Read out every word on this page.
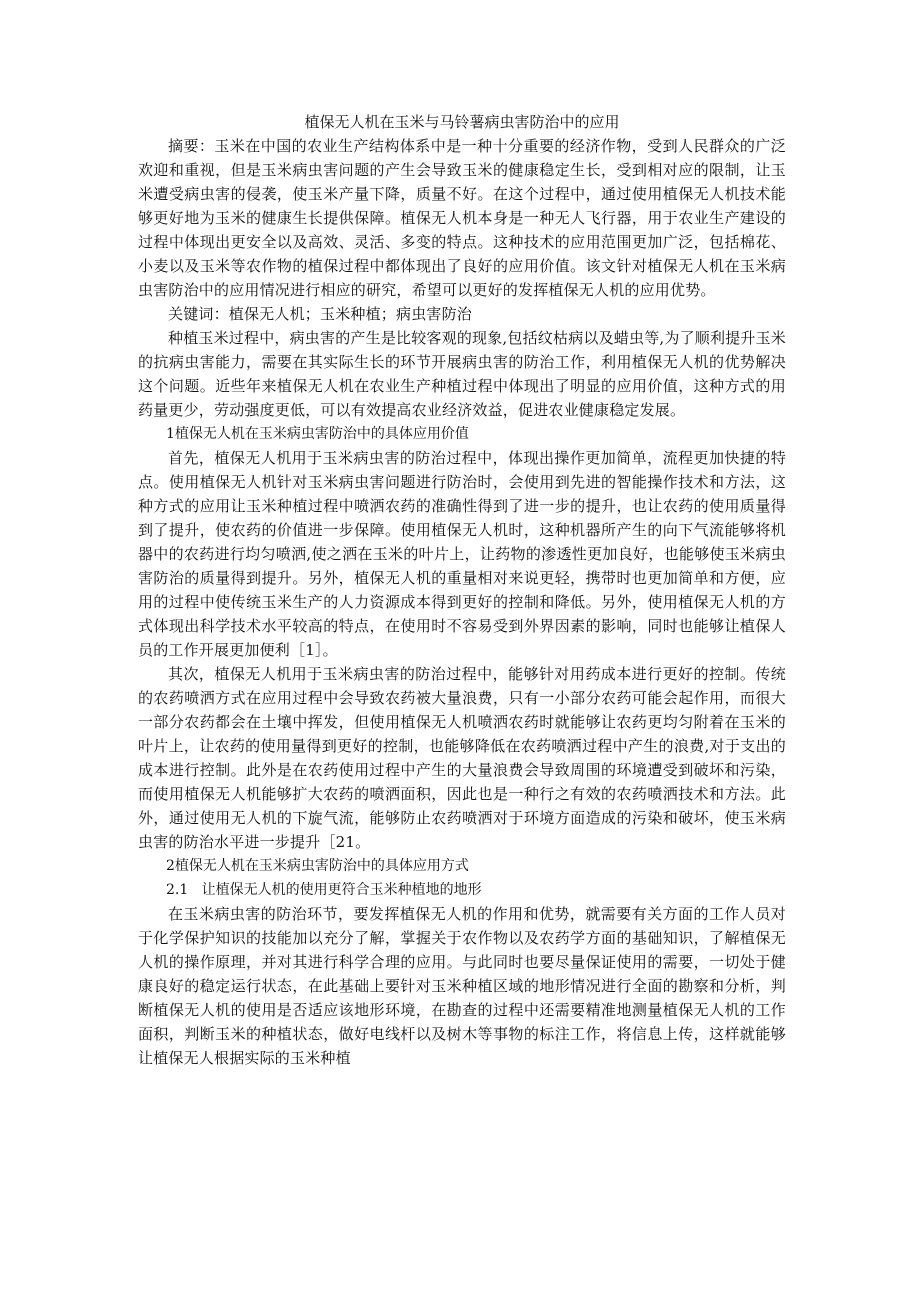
植保无人机在玉米与马铃薯病虫害防治中的应用

摘要：玉米在中国的农业生产结构体系中是一种十分重要的经济作物，受到人民群众的广泛欢迎和重视，但是玉米病虫害问题的产生会导致玉米的健康稳定生长，受到相对应的限制，让玉米遭受病虫害的侵袭，使玉米产量下降，质量不好。在这个过程中，通过使用植保无人机技术能够更好地为玉米的健康生长提供保障。植保无人机本身是一种无人飞行器，用于农业生产建设的过程中体现出更安全以及高效、灵活、多变的特点。这种技术的应用范围更加广泛，包括棉花、小麦以及玉米等农作物的植保过程中都体现出了良好的应用价值。该文针对植保无人机在玉米病虫害防治中的应用情况进行相应的研究，希望可以更好的发挥植保无人机的应用优势。

关键词：植保无人机；玉米种植；病虫害防治

种植玉米过程中，病虫害的产生是比较客观的现象,包括纹枯病以及蜡虫等,为了顺利提升玉米的抗病虫害能力，需要在其实际生长的环节开展病虫害的防治工作，利用植保无人机的优势解决这个问题。近些年来植保无人机在农业生产种植过程中体现出了明显的应用价值，这种方式的用药量更少，劳动强度更低，可以有效提高农业经济效益，促进农业健康稳定发展。

1植保无人机在玉米病虫害防治中的具体应用价值

首先，植保无人机用于玉米病虫害的防治过程中，体现出操作更加简单，流程更加快捷的特点。使用植保无人机针对玉米病虫害问题进行防治时，会使用到先进的智能操作技术和方法，这种方式的应用让玉米种植过程中喷洒农药的准确性得到了进一步的提升，也让农药的使用质量得到了提升，使农药的价值进一步保障。使用植保无人机时，这种机器所产生的向下气流能够将机器中的农药进行均匀喷洒,使之洒在玉米的叶片上，让药物的渗透性更加良好，也能够使玉米病虫害防治的质量得到提升。另外，植保无人机的重量相对来说更轻，携带时也更加简单和方便，应用的过程中使传统玉米生产的人力资源成本得到更好的控制和降低。另外，使用植保无人机的方式体现出科学技术水平较高的特点，在使用时不容易受到外界因素的影响，同时也能够让植保人员的工作开展更加便利［1］。

其次，植保无人机用于玉米病虫害的防治过程中，能够针对用药成本进行更好的控制。传统的农药喷洒方式在应用过程中会导致农药被大量浪费，只有一小部分农药可能会起作用，而很大一部分农药都会在土壤中挥发，但使用植保无人机喷洒农药时就能够让农药更均匀附着在玉米的叶片上，让农药的使用量得到更好的控制，也能够降低在农药喷洒过程中产生的浪费,对于支出的成本进行控制。此外是在农药使用过程中产生的大量浪费会导致周围的环境遭受到破坏和污染，而使用植保无人机能够扩大农药的喷洒面积，因此也是一种行之有效的农药喷洒技术和方法。此外，通过使用无人机的下旋气流，能够防止农药喷洒对于环境方面造成的污染和破坏，使玉米病虫害的防治水平进一步提升［21。

2植保无人机在玉米病虫害防治中的具体应用方式

2.1   让植保无人机的使用更符合玉米种植地的地形

在玉米病虫害的防治环节，要发挥植保无人机的作用和优势，就需要有关方面的工作人员对于化学保护知识的技能加以充分了解，掌握关于农作物以及农药学方面的基础知识，了解植保无人机的操作原理，并对其进行科学合理的应用。与此同时也要尽量保证使用的需要，一切处于健康良好的稳定运行状态，在此基础上要针对玉米种植区域的地形情况进行全面的勘察和分析，判断植保无人机的使用是否适应该地形环境，在勘查的过程中还需要精准地测量植保无人机的工作面积，判断玉米的种植状态，做好电线杆以及树木等事物的标注工作，将信息上传，这样就能够让植保无人根据实际的玉米种植
